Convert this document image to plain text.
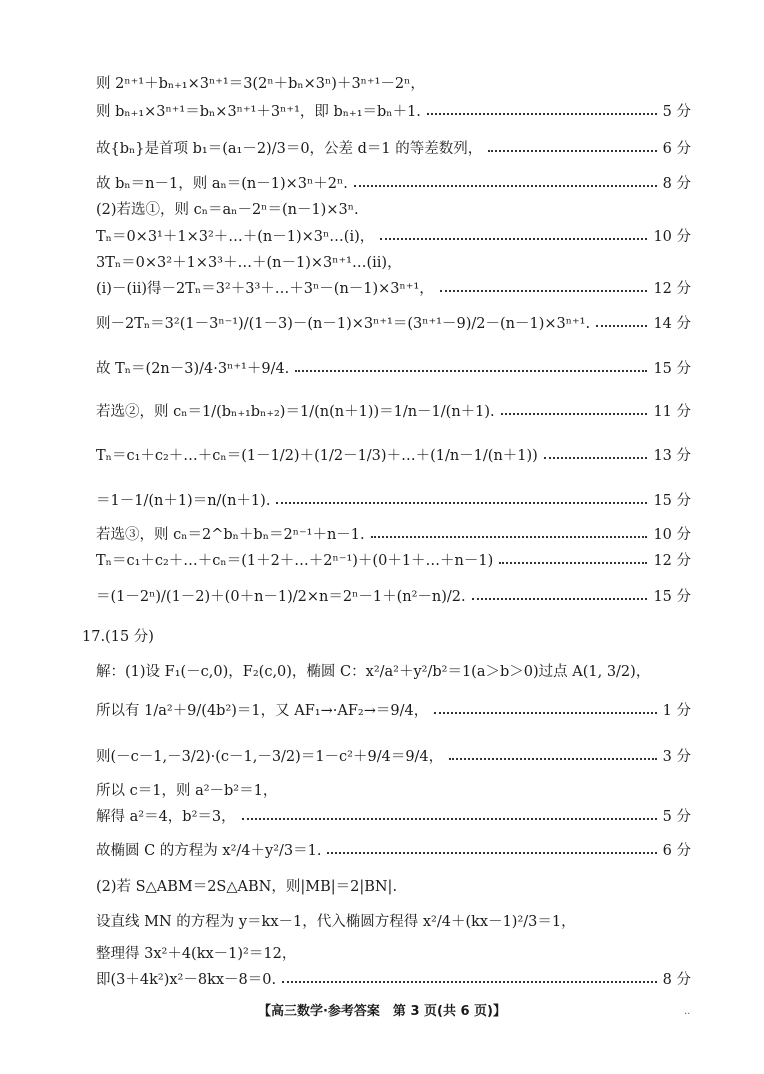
则 2ⁿ⁺¹＋bₙ₊₁×3ⁿ⁺¹＝3(2ⁿ＋bₙ×3ⁿ)＋3ⁿ⁺¹－2ⁿ，
则 bₙ₊₁×3ⁿ⁺¹＝bₙ×3ⁿ⁺¹＋3ⁿ⁺¹，即 bₙ₊₁＝bₙ＋1.	5 分
故{bₙ}是首项 b₁＝(a₁－2)/3＝0，公差 d＝1 的等差数列，	6 分
故 bₙ＝n－1，则 aₙ＝(n－1)×3ⁿ＋2ⁿ.	8 分
(2)若选①，则 cₙ＝aₙ－2ⁿ＝(n－1)×3ⁿ.
Tₙ＝0×3¹＋1×3²＋…＋(n－1)×3ⁿ…(ⅰ)，	10 分
3Tₙ＝0×3²＋1×3³＋…＋(n－1)×3ⁿ⁺¹…(ⅱ)，
(ⅰ)－(ⅱ)得－2Tₙ＝3²＋3³＋…＋3ⁿ－(n－1)×3ⁿ⁺¹，	12 分
则－2Tₙ＝3²(1－3ⁿ⁻¹)/(1－3)－(n－1)×3ⁿ⁺¹＝(3ⁿ⁺¹－9)/2－(n－1)×3ⁿ⁺¹.	14 分
故 Tₙ＝(2n－3)/4·3ⁿ⁺¹＋9/4.	15 分
若选②，则 cₙ＝1/(bₙ₊₁bₙ₊₂)＝1/(n(n＋1))＝1/n－1/(n＋1).	11 分
Tₙ＝c₁＋c₂＋…＋cₙ＝(1－1/2)＋(1/2－1/3)＋…＋(1/n－1/(n＋1))	13 分
＝1－1/(n＋1)＝n/(n＋1).	15 分
若选③，则 cₙ＝2^bₙ＋bₙ＝2ⁿ⁻¹＋n－1.	10 分
Tₙ＝c₁＋c₂＋…＋cₙ＝(1＋2＋…＋2ⁿ⁻¹)＋(0＋1＋…＋n－1)	12 分
＝(1－2ⁿ)/(1－2)＋(0＋n－1)/2×n＝2ⁿ－1＋(n²－n)/2.	15 分
17.(15 分)
解：(1)设 F₁(－c,0)，F₂(c,0)，椭圆 C：x²/a²＋y²/b²＝1(a＞b＞0)过点 A(1, 3/2)，
所以有 1/a²＋9/(4b²)＝1，又 AF₁→·AF₂→＝9/4，	1 分
则(－c－1,－3/2)·(c－1,－3/2)＝1－c²＋9/4＝9/4，	3 分
所以 c＝1，则 a²－b²＝1，
解得 a²＝4，b²＝3，	5 分
故椭圆 C 的方程为 x²/4＋y²/3＝1.	6 分
(2)若 S△ABM＝2S△ABN，则|MB|＝2|BN|.
设直线 MN 的方程为 y＝kx－1，代入椭圆方程得 x²/4＋(kx－1)²/3＝1，
整理得 3x²＋4(kx－1)²＝12，
即(3＋4k²)x²－8kx－8＝0.	8 分
【高三数学·参考答案　第 3 页(共 6 页)】	..
